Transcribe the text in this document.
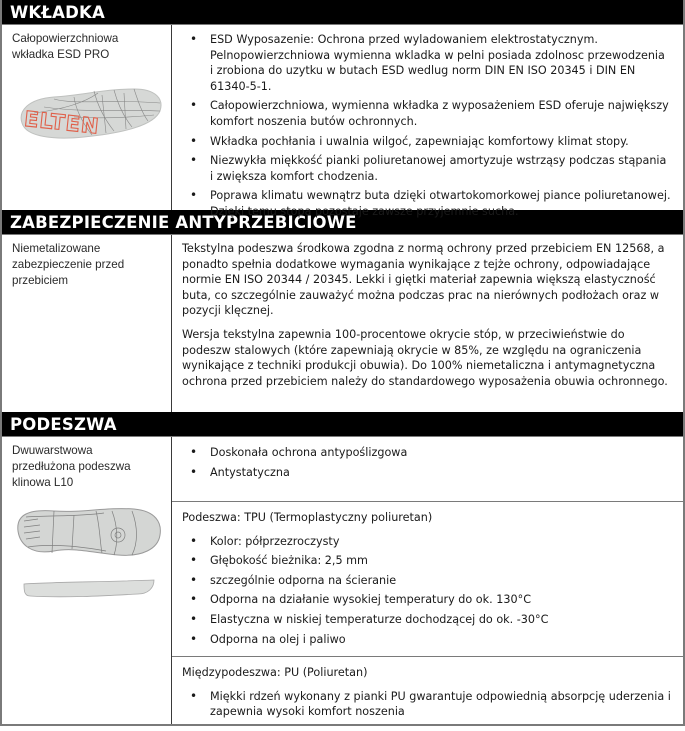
WKŁADKA
Całopowierzchniowa wkładka ESD PRO
ELTEN
• ESD Wyposazenie: Ochrona przed wyladowaniem elektrostatycznym. Pelnopowierzchniowa wymienna wkladka w pelni posiada zdolnosc przewodzenia i zrobiona do uzytku w butach ESD wedlug norm DIN EN ISO 20345 i DIN EN 61340-5-1.
• Całopowierzchniowa, wymienna wkładka z wyposażeniem ESD oferuje największy komfort noszenia butów ochronnych.
• Wkładka pochłania i uwalnia wilgoć, zapewniając komfortowy klimat stopy.
• Niezwykła miękkość pianki poliuretanowej amortyzuje wstrząsy podczas stąpania i zwiększa komfort chodzenia.
• Poprawa klimatu wewnątrz buta dzięki otwartokomorkowej piance poliuretanowej. Dzięki temu stopa pozostaje zawsze przyjemnie sucha.
ZABEZPIECZENIE ANTYPRZEBICIOWE
Niemetalizowane zabezpieczenie przed przebiciem

Tekstylna podeszwa środkowa zgodna z normą ochrony przed przebiciem EN 12568, a ponadto spełnia dodatkowe wymagania wynikające z tejże ochrony, odpowiadające normie EN ISO 20344 / 20345. Lekki i giętki materiał zapewnia większą elastyczność buta, co szczególnie zauważyć można podczas prac na nierównych podłożach oraz w pozycji klęcznej.

Wersja tekstylna zapewnia 100-procentowe okrycie stóp, w przeciwieństwie do podeszw stalowych (które zapewniają okrycie w 85%, ze względu na ograniczenia wynikające z techniki produkcji obuwia). Do 100% niemetaliczna i antymagnetyczna ochrona przed przebiciem należy do standardowego wyposażenia obuwia ochronnego.

PODESZWA
Dwuwarstwowa przedłużona podeszwa klinowa L10
• Doskonała ochrona antypoślizgowa
• Antystatyczna
Podeszwa: TPU (Termoplastyczny poliuretan)
• Kolor: półprzezroczysty
• Głębokość bieżnika: 2,5 mm
• szczególnie odporna na ścieranie
• Odporna na działanie wysokiej temperatury do ok. 130°C
• Elastyczna w niskiej temperaturze dochodzącej do ok. -30°C
• Odporna na olej i paliwo
Międzypodeszwa: PU (Poliuretan)
• Miękki rdzeń wykonany z pianki PU gwarantuje odpowiednią absorpcję uderzenia i zapewnia wysoki komfort noszenia
